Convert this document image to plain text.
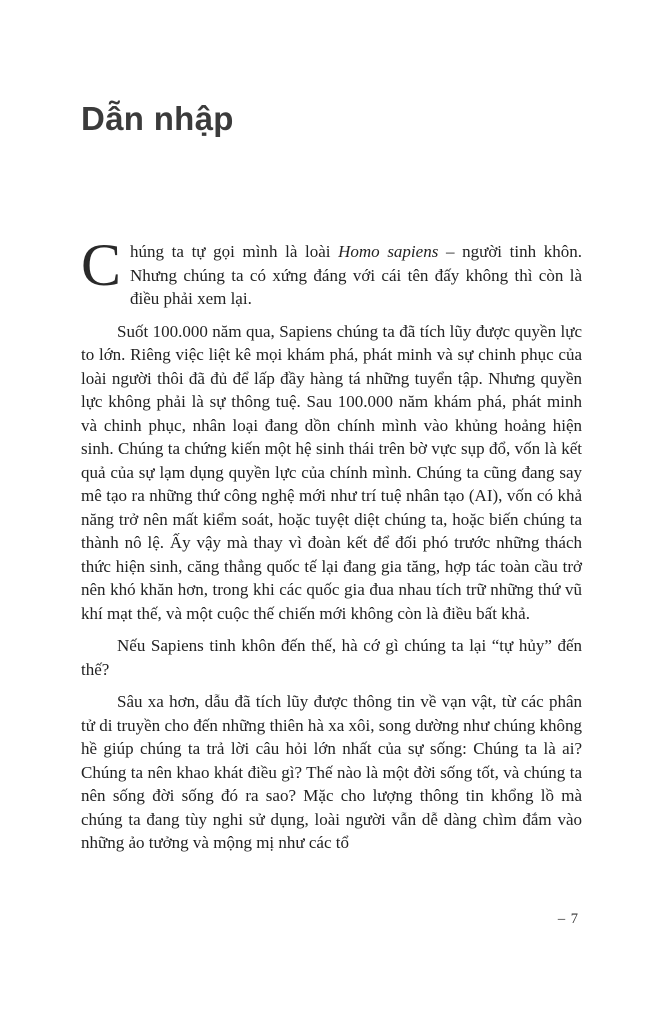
Dẫn nhập

Chúng ta tự gọi mình là loài Homo sapiens – người tinh khôn. Nhưng chúng ta có xứng đáng với cái tên đấy không thì còn là điều phải xem lại.

Suốt 100.000 năm qua, Sapiens chúng ta đã tích lũy được quyền lực to lớn. Riêng việc liệt kê mọi khám phá, phát minh và sự chinh phục của loài người thôi đã đủ để lấp đầy hàng tá những tuyển tập. Nhưng quyền lực không phải là sự thông tuệ. Sau 100.000 năm khám phá, phát minh và chinh phục, nhân loại đang dồn chính mình vào khủng hoảng hiện sinh. Chúng ta chứng kiến một hệ sinh thái trên bờ vực sụp đổ, vốn là kết quả của sự lạm dụng quyền lực của chính mình. Chúng ta cũng đang say mê tạo ra những thứ công nghệ mới như trí tuệ nhân tạo (AI), vốn có khả năng trở nên mất kiểm soát, hoặc tuyệt diệt chúng ta, hoặc biến chúng ta thành nô lệ. Ấy vậy mà thay vì đoàn kết để đối phó trước những thách thức hiện sinh, căng thẳng quốc tế lại đang gia tăng, hợp tác toàn cầu trở nên khó khăn hơn, trong khi các quốc gia đua nhau tích trữ những thứ vũ khí mạt thế, và một cuộc thế chiến mới không còn là điều bất khả.

Nếu Sapiens tinh khôn đến thế, hà cớ gì chúng ta lại “tự hủy” đến thế?

Sâu xa hơn, dẫu đã tích lũy được thông tin về vạn vật, từ các phân tử di truyền cho đến những thiên hà xa xôi, song dường như chúng không hề giúp chúng ta trả lời câu hỏi lớn nhất của sự sống: Chúng ta là ai? Chúng ta nên khao khát điều gì? Thế nào là một đời sống tốt, và chúng ta nên sống đời sống đó ra sao? Mặc cho lượng thông tin khổng lồ mà chúng ta đang tùy nghi sử dụng, loài người vẫn dễ dàng chìm đắm vào những ảo tưởng và mộng mị như các tổ

– 7
